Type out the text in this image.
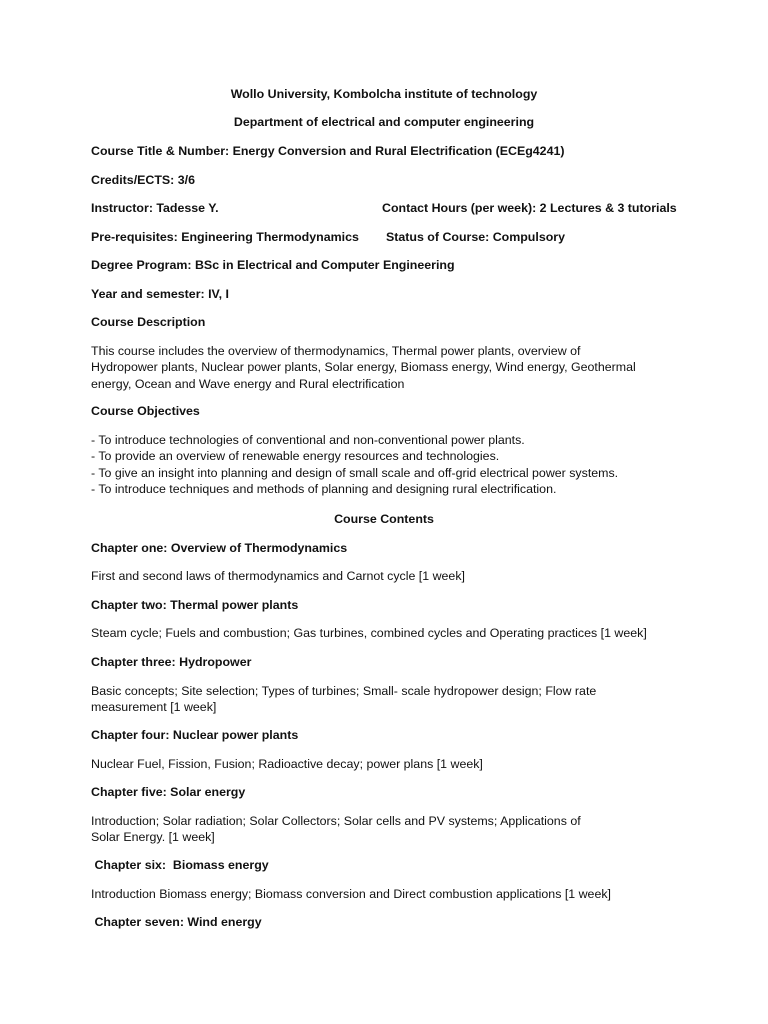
Wollo University, Kombolcha institute of technology
Department of electrical and computer engineering
Course Title & Number: Energy Conversion and Rural Electrification (ECEg4241)
Credits/ECTS: 3/6
Instructor: Tadesse Y.	Contact Hours (per week): 2 Lectures & 3 tutorials
Pre-requisites: Engineering Thermodynamics Status of Course: Compulsory
Degree Program: BSc in Electrical and Computer Engineering
Year and semester: IV, I
Course Description
This course includes the overview of thermodynamics, Thermal power plants, overview of
Hydropower plants, Nuclear power plants, Solar energy, Biomass energy, Wind energy, Geothermal
energy, Ocean and Wave energy and Rural electrification
Course Objectives
- To introduce technologies of conventional and non-conventional power plants.
- To provide an overview of renewable energy resources and technologies.
- To give an insight into planning and design of small scale and off-grid electrical power systems.
- To introduce techniques and methods of planning and designing rural electrification.
Course Contents
Chapter one: Overview of Thermodynamics
First and second laws of thermodynamics and Carnot cycle [1 week]
Chapter two: Thermal power plants
Steam cycle; Fuels and combustion; Gas turbines, combined cycles and Operating practices [1 week]
Chapter three: Hydropower
Basic concepts; Site selection; Types of turbines; Small- scale hydropower design; Flow rate
measurement [1 week]
Chapter four: Nuclear power plants
Nuclear Fuel, Fission, Fusion; Radioactive decay; power plans [1 week]
Chapter five: Solar energy
Introduction; Solar radiation; Solar Collectors; Solar cells and PV systems; Applications of
Solar Energy. [1 week]
Chapter six:  Biomass energy
Introduction Biomass energy; Biomass conversion and Direct combustion applications [1 week]
Chapter seven: Wind energy
